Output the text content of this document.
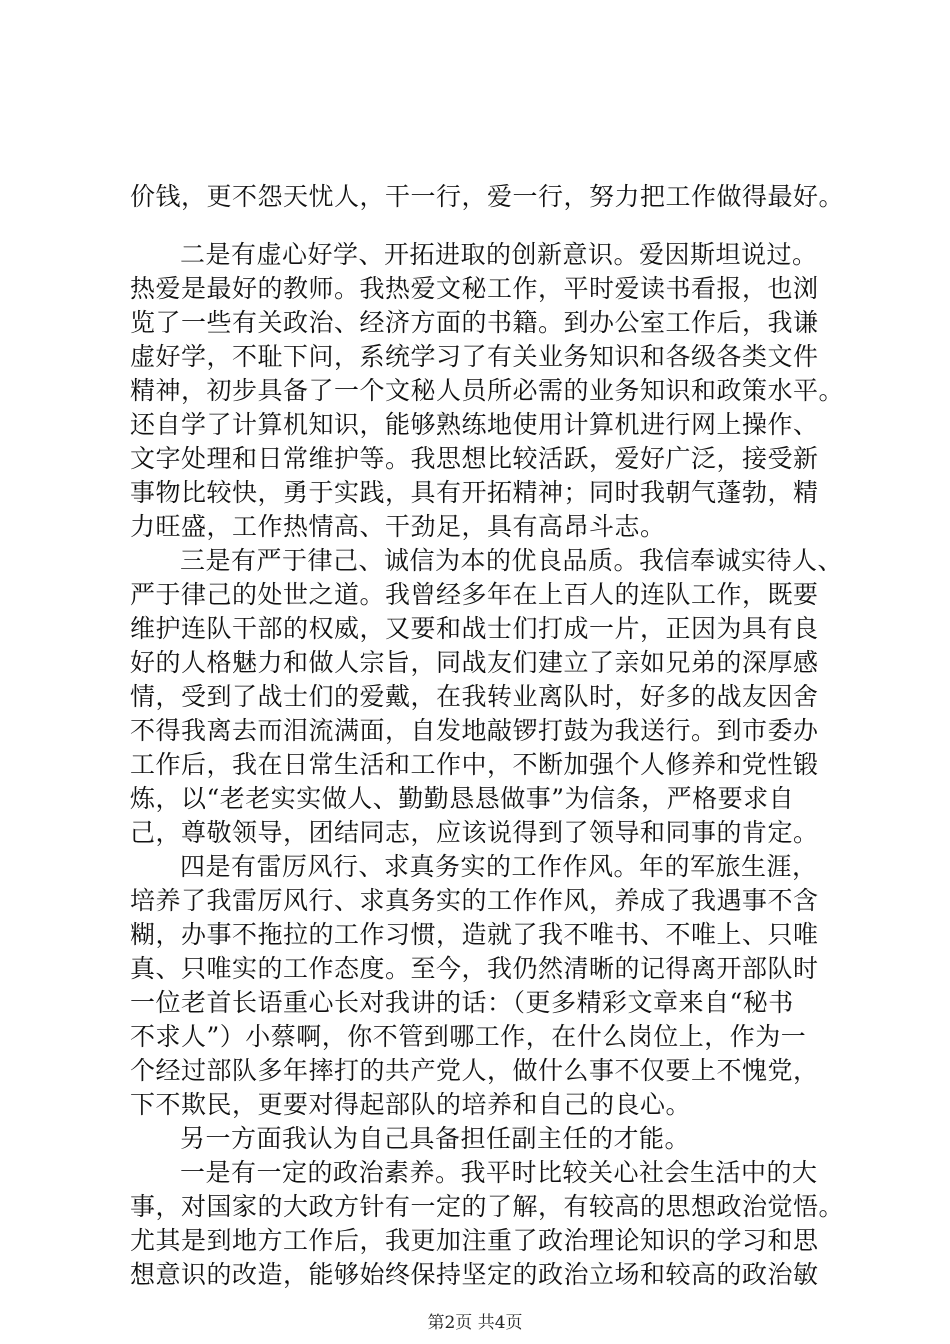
价钱，更不怨天忧人，干一行，爱一行，努力把工作做得最好。
二是有虚心好学、开拓进取的创新意识。爱因斯坦说过。
热爱是最好的教师。我热爱文秘工作，平时爱读书看报，也浏
览了一些有关政治、经济方面的书籍。到办公室工作后，我谦
虚好学，不耻下问，系统学习了有关业务知识和各级各类文件
精神，初步具备了一个文秘人员所必需的业务知识和政策水平。
还自学了计算机知识，能够熟练地使用计算机进行网上操作、
文字处理和日常维护等。我思想比较活跃，爱好广泛，接受新
事物比较快，勇于实践，具有开拓精神；同时我朝气蓬勃，精
力旺盛，工作热情高、干劲足，具有高昂斗志。
三是有严于律己、诚信为本的优良品质。我信奉诚实待人、
严于律己的处世之道。我曾经多年在上百人的连队工作，既要
维护连队干部的权威，又要和战士们打成一片，正因为具有良
好的人格魅力和做人宗旨，同战友们建立了亲如兄弟的深厚感
情，受到了战士们的爱戴，在我转业离队时，好多的战友因舍
不得我离去而泪流满面，自发地敲锣打鼓为我送行。到市委办
工作后，我在日常生活和工作中，不断加强个人修养和党性锻
炼，以“老老实实做人、勤勤恳恳做事”为信条，严格要求自
己，尊敬领导，团结同志，应该说得到了领导和同事的肯定。
四是有雷厉风行、求真务实的工作作风。年的军旅生涯，
培养了我雷厉风行、求真务实的工作作风，养成了我遇事不含
糊，办事不拖拉的工作习惯，造就了我不唯书、不唯上、只唯
真、只唯实的工作态度。至今，我仍然清晰的记得离开部队时
一位老首长语重心长对我讲的话：（更多精彩文章来自“秘书
不求人”）小蔡啊，你不管到哪工作，在什么岗位上，作为一
个经过部队多年摔打的共产党人，做什么事不仅要上不愧党，
下不欺民，更要对得起部队的培养和自己的良心。
另一方面我认为自己具备担任副主任的才能。
一是有一定的政治素养。我平时比较关心社会生活中的大
事，对国家的大政方针有一定的了解，有较高的思想政治觉悟。
尤其是到地方工作后，我更加注重了政治理论知识的学习和思
想意识的改造，能够始终保持坚定的政治立场和较高的政治敏
第2页 共4页
